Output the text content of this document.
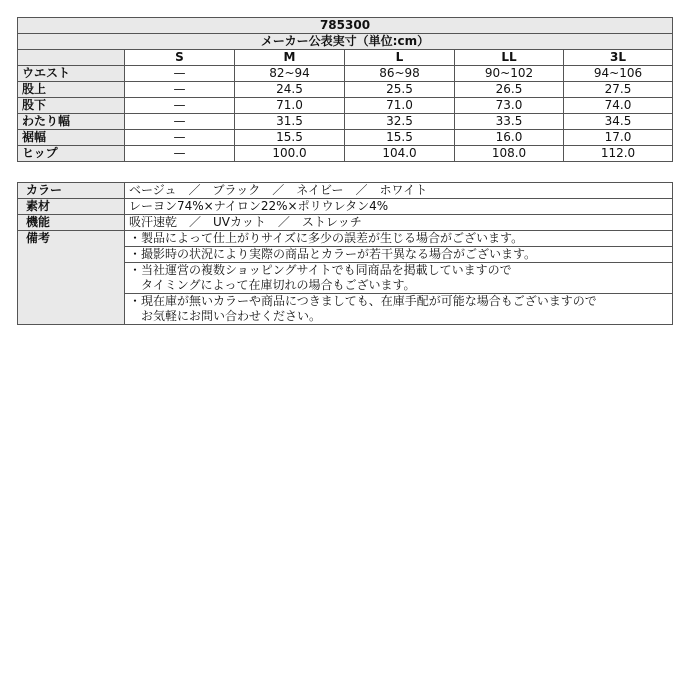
785300					
メーカー公表実寸（単位:cm）					
	S	M	L	LL	3L
ウエスト	—	82~94	86~98	90~102	94~106
股上	—	24.5	25.5	26.5	27.5
股下	—	71.0	71.0	73.0	74.0
わたり幅	—	31.5	32.5	33.5	34.5
裾幅	—	15.5	15.5	16.0	17.0
ヒップ	—	100.0	104.0	108.0	112.0
カラー	ベージュ　／　ブラック　／　ネイビー　／　ホワイト
素材	レーヨン74%×ナイロン22%×ポリウレタン4%
機能	吸汗速乾　／　UVカット　／　ストレッチ
備考	・製品によって仕上がりサイズに多少の誤差が生じる場合がございます。

	・撮影時の状況により実際の商品とカラーが若干異なる場合がございます。

	・当社運営の複数ショッピングサイトでも同商品を掲載していますので
　タイミングによって在庫切れの場合もございます。

	・現在庫が無いカラーや商品につきましても、在庫手配が可能な場合もございますので
　お気軽にお問い合わせください。
